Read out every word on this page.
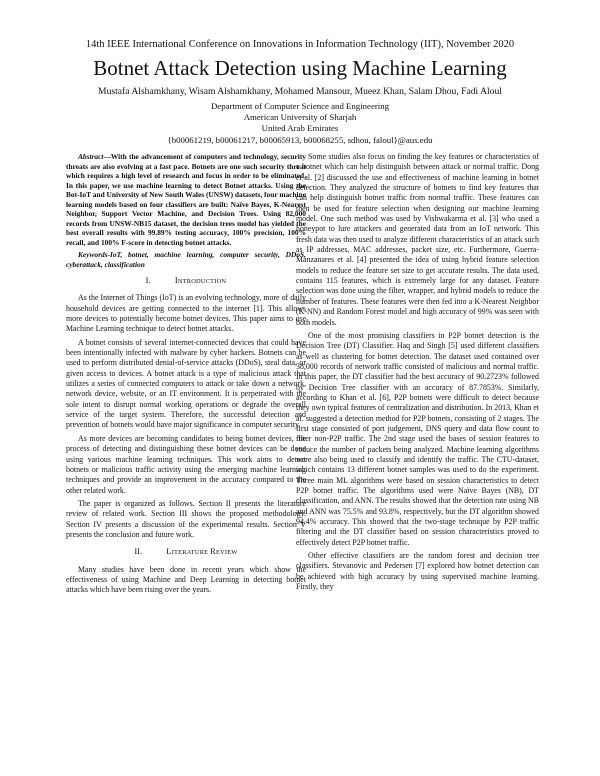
14th IEEE International Conference on Innovations in Information Technology (IIT), November 2020
Botnet Attack Detection using Machine Learning
Mustafa Alshamkhany, Wisam Alshamkhany, Mohamed Mansour, Mueez Khan, Salam Dhou, Fadi Aloul
Department of Computer Science and Engineering
American University of Sharjah
United Arab Emirates
{b00061219, b00061217, b00065913, b00068255, sdhou, faloul}@aus.edu

Abstract—With the advancement of computers and technology, security threats are also evolving at a fast pace. Botnets are one such security threat which requires a high level of research and focus in order to be eliminated. In this paper, we use machine learning to detect Botnet attacks. Using the Bot-IoT and University of New South Wales (UNSW) datasets, four machine learning models based on four classifiers are built: Naïve Bayes, K-Nearest Neighbor, Support Vector Machine, and Decision Trees. Using 82,000 records from UNSW-NB15 dataset, the decision trees model has yielded the best overall results with 99.89% testing accuracy, 100% precision, 100% recall, and 100% F-score in detecting botnet attacks.

Keywords-IoT, botnet, machine learning, computer security, DDoS, cyberattack, classification

I.	INTRODUCTION

As the Internet of Things (IoT) is an evolving technology, more of daily household devices are getting connected to the internet [1]. This allows more devices to potentially become botnet devices. This paper aims to use Machine Learning technique to detect botnet attacks.

A botnet consists of several internet-connected devices that could have been intentionally infected with malware by cyber hackers. Botnets can be used to perform distributed denial-of-service attacks (DDoS), steal data, or given access to devices. A botnet attack is a type of malicious attack that utilizes a series of connected computers to attack or take down a network, network device, website, or an IT environment. It is perpetrated with the sole intent to disrupt normal working operations or degrade the overall service of the target system. Therefore, the successful detection and prevention of botnets would have major significance in computer security.

As more devices are becoming candidates to being botnet devices, the process of detecting and distinguishing these botnet devices can be done using various machine learning techniques. This work aims to detect botnets or malicious traffic activity using the emerging machine learning techniques and provide an improvement in the accuracy compared to the other related work.

The paper is organized as follows. Section II presents the literature review of related work. Section III shows the proposed methodology. Section IV presents a discussion of the experimental results. Section V presents the conclusion and future work.

II.	LITERATURE REVIEW

Many studies have been done in recent years which show the effectiveness of using Machine and Deep Learning in detecting botnet attacks which have been rising over the years.

Some studies also focus on finding the key features or characteristics of a botnet which can help distinguish between attack or normal traffic. Dong et al. [2] discussed the use and effectiveness of machine learning in botnet detection. They analyzed the structure of botnets to find key features that can help distinguish botnet traffic from normal traffic. These features can then be used for feature selection when designing our machine learning model. One such method was used by Vishwakarma et al. [3] who used a honeypot to lure attackers and generated data from an IoT network. This fresh data was then used to analyze different characteristics of an attack such as IP addresses, MAC addresses, packet size, etc. Furthermore, Guerra-Manzanares et al. [4] presented the idea of using hybrid feature selection models to reduce the feature set size to get accurate results. The data used, contains 115 features, which is extremely large for any dataset. Feature selection was done using the filter, wrapper, and hybrid models to reduce the number of features. These features were then fed into a K-Nearest Neighbor (K-NN) and Random Forest model and high accuracy of 99% was seen with both models.

One of the most promising classifiers in P2P botnet detection is the Decision Tree (DT) Classifier. Haq and Singh [5] used different classifiers as well as clustering for botnet detection. The dataset used contained over 38,000 records of network traffic consisted of malicious and normal traffic. In this paper, the DT classifier had the best accuracy of 90.2723% followed by Decision Tree classifier with an accuracy of 87.7853%. Similarly, according to Khan et al. [6], P2P botnets were difficult to detect because they own typical features of centralization and distribution. In 2013, Khan et al. suggested a detection method for P2P botnets, consisting of 2 stages. The first stage consisted of port judgement, DNS query and data flow count to filter non-P2P traffic. The 2nd stage used the bases of session features to reduce the number of packets being analyzed. Machine learning algorithms were also being used to classify and identify the traffic. The CTU-dataset, which contains 13 different botnet samples was used to do the experiment. Three main ML algorithms were based on session characteristics to detect P2P botnet traffic. The algorithms used were Naïve Bayes (NB), DT classification, and ANN. The results showed that the detection rate using NB and ANN was 75.5% and 93.8%, respectively, but the DT algorithm showed 94.4% accuracy. This showed that the two-stage technique by P2P traffic filtering and the DT classifier based on session characteristics proved to effectively detect P2P botnet traffic.

Other effective classifiers are the random forest and decision tree classifiers. Stevanovic and Pedersen [7] explored how botnet detection can be achieved with high accuracy by using supervised machine learning. Firstly, they
